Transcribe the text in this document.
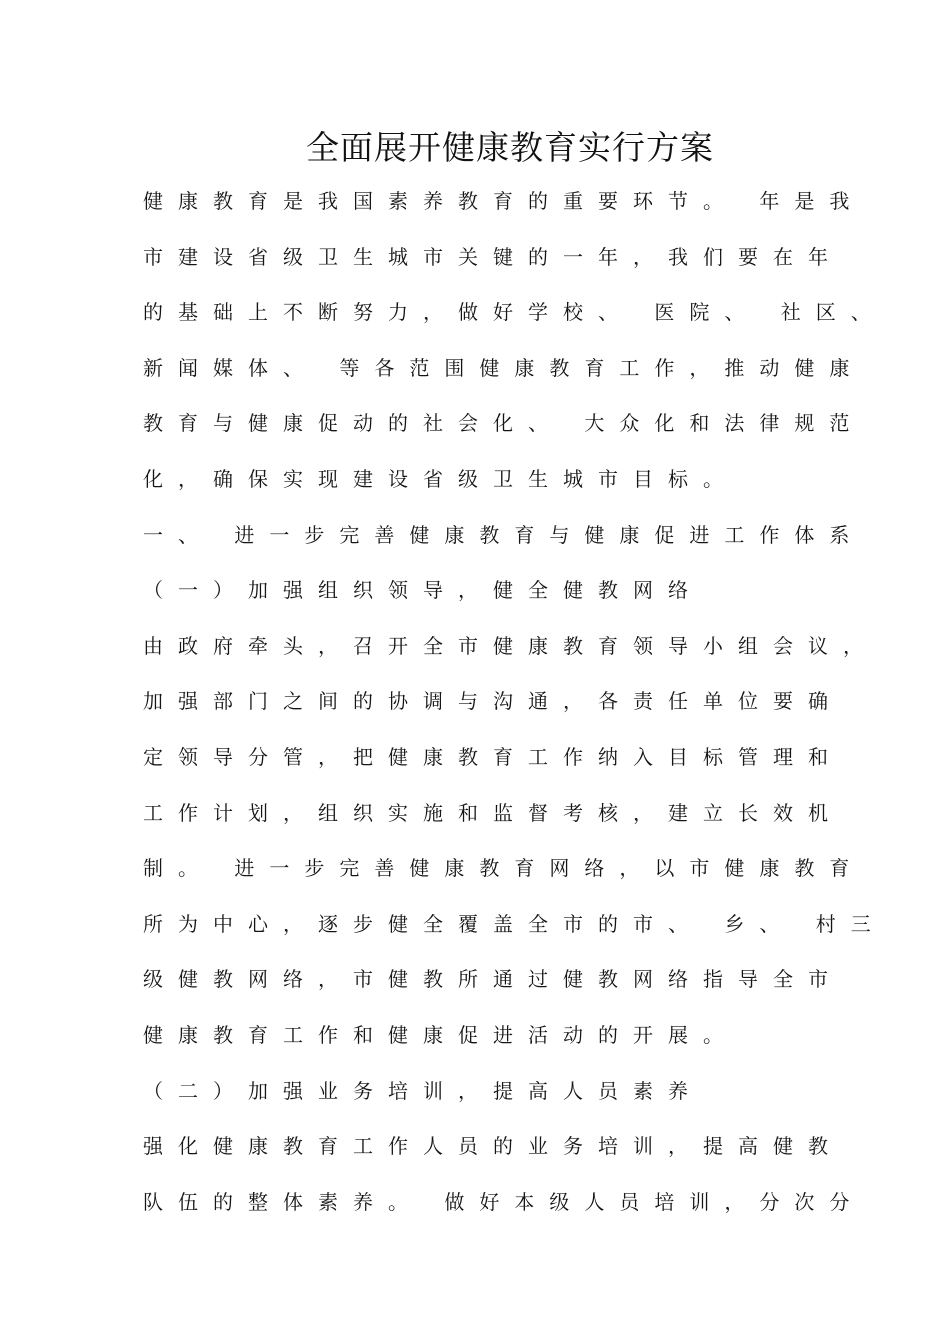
全面展开健康教育实行方案
健康教育是我国素养教育的重要环节。 年是我
市建设省级卫生城市关键的一年，我们要在年
的基础上不断努力，做好学校、 医院、 社区、
新闻媒体、 等各范围健康教育工作，推动健康
教育与健康促动的社会化、 大众化和法律规范
化，确保实现建设省级卫生城市目标。
一、 进一步完善健康教育与健康促进工作体系
（一）加强组织领导，健全健教网络
由政府牵头，召开全市健康教育领导小组会议，
加强部门之间的协调与沟通，各责任单位要确
定领导分管，把健康教育工作纳入目标管理和
工作计划，组织实施和监督考核，建立长效机
制。 进一步完善健康教育网络，以市健康教育
所为中心，逐步健全覆盖全市的市、 乡、 村三
级健教网络，市健教所通过健教网络指导全市
健康教育工作和健康促进活动的开展。
（二）加强业务培训，提高人员素养
强化健康教育工作人员的业务培训，提高健教
队伍的整体素养。 做好本级人员培训，分次分
